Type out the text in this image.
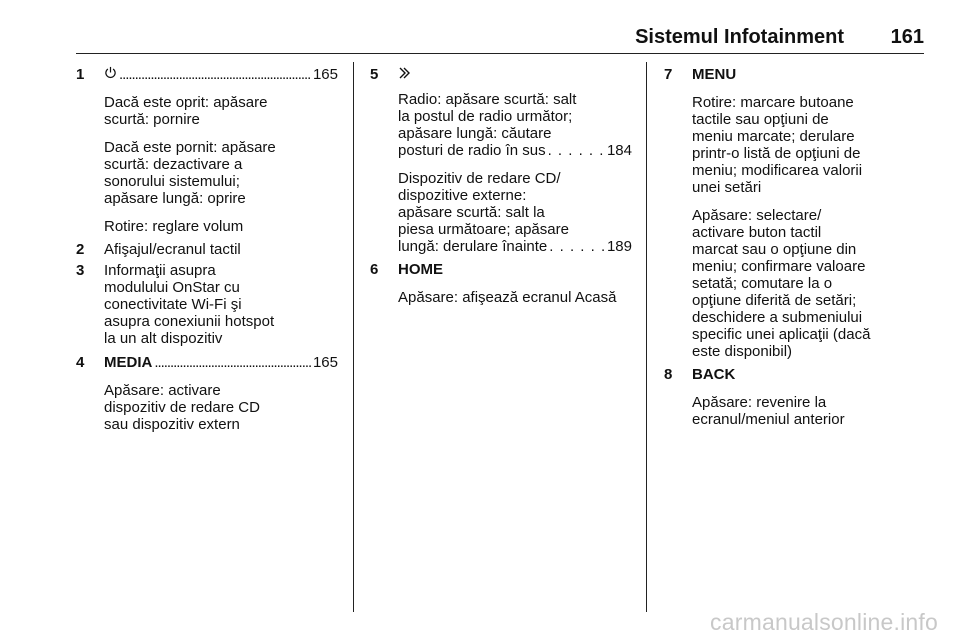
Sistemul Infotainment 161
1 . . .	165
Dacă este oprit: apăsare
scurtă: pornire
Dacă este pornit: apăsare
scurtă: dezactivare a
sonorului sistemului;
apăsare lungă: oprire
Rotire: reglare volum
2 Afişajul/ecranul tactil
3 Informaţii asupra
modulului OnStar cu
conectivitate Wi-Fi şi
asupra conexiunii hotspot
la un alt dispozitiv
4 MEDIA . . .	165
Apăsare: activare
dispozitiv de redare CD
sau dispozitiv extern
5
Radio: apăsare scurtă: salt
la postul de radio următor;
apăsare lungă: căutare
posturi de radio în sus . . .	184
Dispozitiv de redare CD/
dispozitive externe:
apăsare scurtă: salt la
piesa următoare; apăsare
lungă: derulare înainte . . .	189
6 HOME
Apăsare: afişează ecranul Acasă
7 MENU
Rotire: marcare butoane
tactile sau opţiuni de
meniu marcate; derulare
printr-o listă de opţiuni de
meniu; modificarea valorii
unei setări
Apăsare: selectare/
activare buton tactil
marcat sau o opţiune din
meniu; confirmare valoare
setată; comutare la o
opţiune diferită de setări;
deschidere a submeniului
specific unei aplicaţii (dacă
este disponibil)
8 BACK
Apăsare: revenire la
ecranul/meniul anterior
carmanualsonline.info
